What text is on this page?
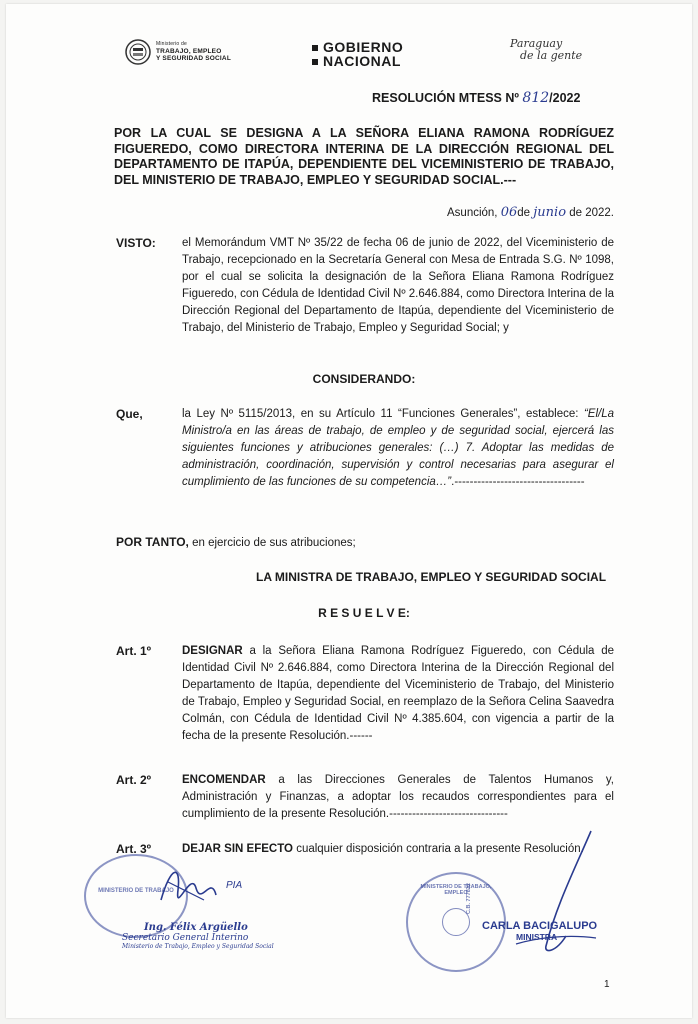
Ministerio de
TRABAJO, EMPLEO
Y SEGURIDAD SOCIAL
GOBIERNO
NACIONAL
Paraguay
de la gente
RESOLUCIÓN MTESS Nº 812/2022
POR LA CUAL SE DESIGNA A LA SEÑORA ELIANA RAMONA RODRÍGUEZ FIGUEREDO, COMO DIRECTORA INTERINA DE LA DIRECCIÓN REGIONAL DEL DEPARTAMENTO DE ITAPÚA, DEPENDIENTE DEL VICEMINISTERIO DE TRABAJO, DEL MINISTERIO DE TRABAJO, EMPLEO Y SEGURIDAD SOCIAL.---
Asunción, 06de junio de 2022.
VISTO: el Memorándum VMT Nº 35/22 de fecha 06 de junio de 2022, del Viceministerio de Trabajo, recepcionado en la Secretaría General con Mesa de Entrada S.G. Nº 1098, por el cual se solicita la designación de la Señora Eliana Ramona Rodríguez Figueredo, con Cédula de Identidad Civil Nº 2.646.884, como Directora Interina de la Dirección Regional del Departamento de Itapúa, dependiente del Viceministerio de Trabajo, del Ministerio de Trabajo, Empleo y Seguridad Social; y
CONSIDERANDO:
Que,	la Ley Nº 5115/2013, en su Artículo 11 “Funciones Generales”, establece: “El/La Ministro/a en las áreas de trabajo, de empleo y de seguridad social, ejercerá las siguientes funciones y atribuciones generales: (…) 7. Adoptar las medidas de administración, coordinación, supervisión y control necesarias para asegurar el cumplimiento de las funciones de su competencia…”.----------------------------------
POR TANTO, en ejercicio de sus atribuciones;
LA MINISTRA DE TRABAJO, EMPLEO Y SEGURIDAD SOCIAL
R E S U E L V E:
Art. 1º	DESIGNAR a la Señora Eliana Ramona Rodríguez Figueredo, con Cédula de Identidad Civil Nº 2.646.884, como Directora Interina de la Dirección Regional del Departamento de Itapúa, dependiente del Viceministerio de Trabajo, del Ministerio de Trabajo, Empleo y Seguridad Social, en reemplazo de la Señora Celina Saavedra Colmán, con Cédula de Identidad Civil Nº 4.385.604, con vigencia a partir de la fecha de la presente Resolución.------
Art. 2º	ENCOMENDAR a las Direcciones Generales de Talentos Humanos y, Administración y Finanzas, a adoptar los recaudos correspondientes para el cumplimiento de la presente Resolución.-------------------------------
Art. 3º	DEJAR SIN EFECTO cualquier disposición contraria a la presente Resolución.
MINISTERIO DE TRABAJO	PIA
Ing. Félix Argüello
Secretario General Interino
Ministerio de Trabajo, Empleo y Seguridad Social
MINISTERIO DE TRABAJO, EMPLEO
C.B. 777822
CARLA BACIGALUPO
MINISTRA
1
